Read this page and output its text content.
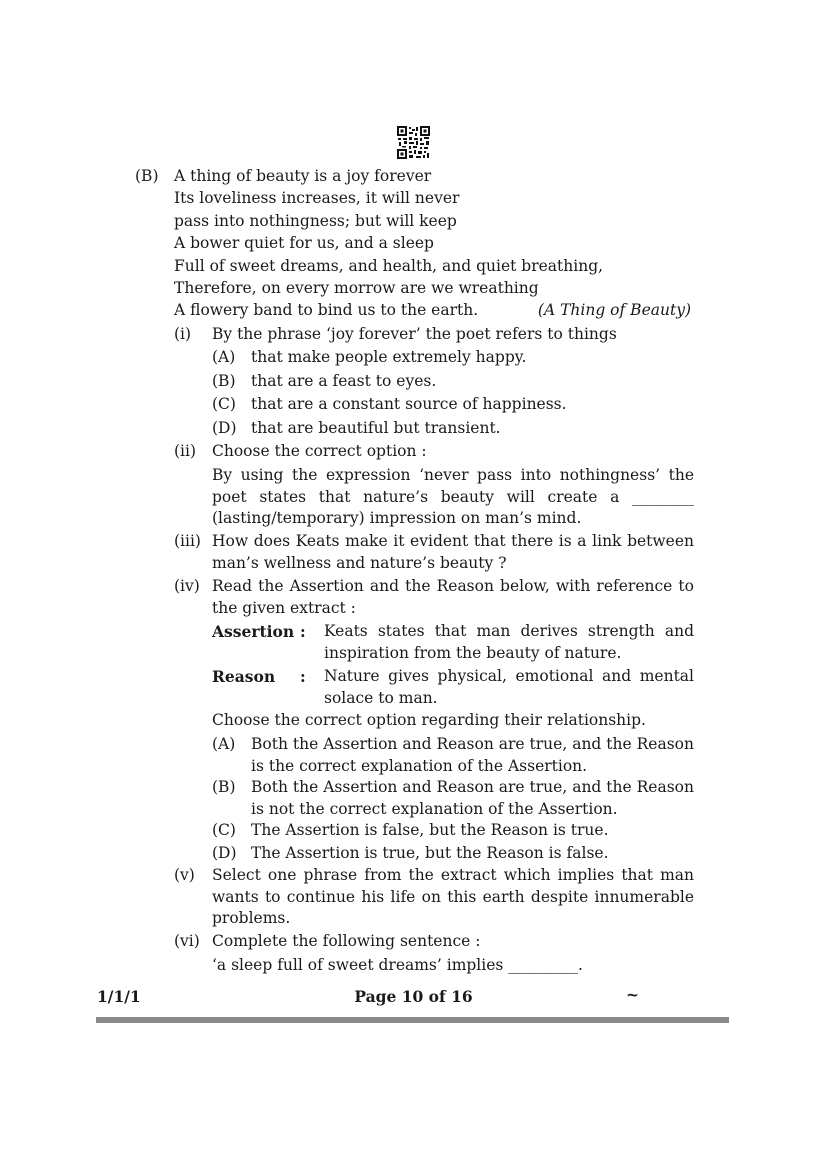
(B) A thing of beauty is a joy forever
Its loveliness increases, it will never
pass into nothingness; but will keep
A bower quiet for us, and a sleep
Full of sweet dreams, and health, and quiet breathing,
Therefore, on every morrow are we wreathing
A flowery band to bind us to the earth.	(A Thing of Beauty)
(i) By the phrase ‘joy forever’ the poet refers to things
(A) that make people extremely happy.
(B) that are a feast to eyes.
(C) that are a constant source of happiness.
(D) that are beautiful but transient.
(ii) Choose the correct option :
By using the expression ‘never pass into nothingness’ the poet states that nature’s beauty will create a ________ (lasting/temporary) impression on man’s mind.
(iii) How does Keats make it evident that there is a link between man’s wellness and nature’s beauty ?
(iv) Read the Assertion and the Reason below, with reference to the given extract :
Assertion : Keats states that man derives strength and inspiration from the beauty of nature.
Reason : Nature gives physical, emotional and mental solace to man.
Choose the correct option regarding their relationship.
(A) Both the Assertion and Reason are true, and the Reason is the correct explanation of the Assertion.
(B) Both the Assertion and Reason are true, and the Reason is not the correct explanation of the Assertion.
(C) The Assertion is false, but the Reason is true.
(D) The Assertion is true, but the Reason is false.
(v) Select one phrase from the extract which implies that man wants to continue his life on this earth despite innumerable problems.
(vi) Complete the following sentence :
‘a sleep full of sweet dreams’ implies _________.
1/1/1	Page 10 of 16	~
